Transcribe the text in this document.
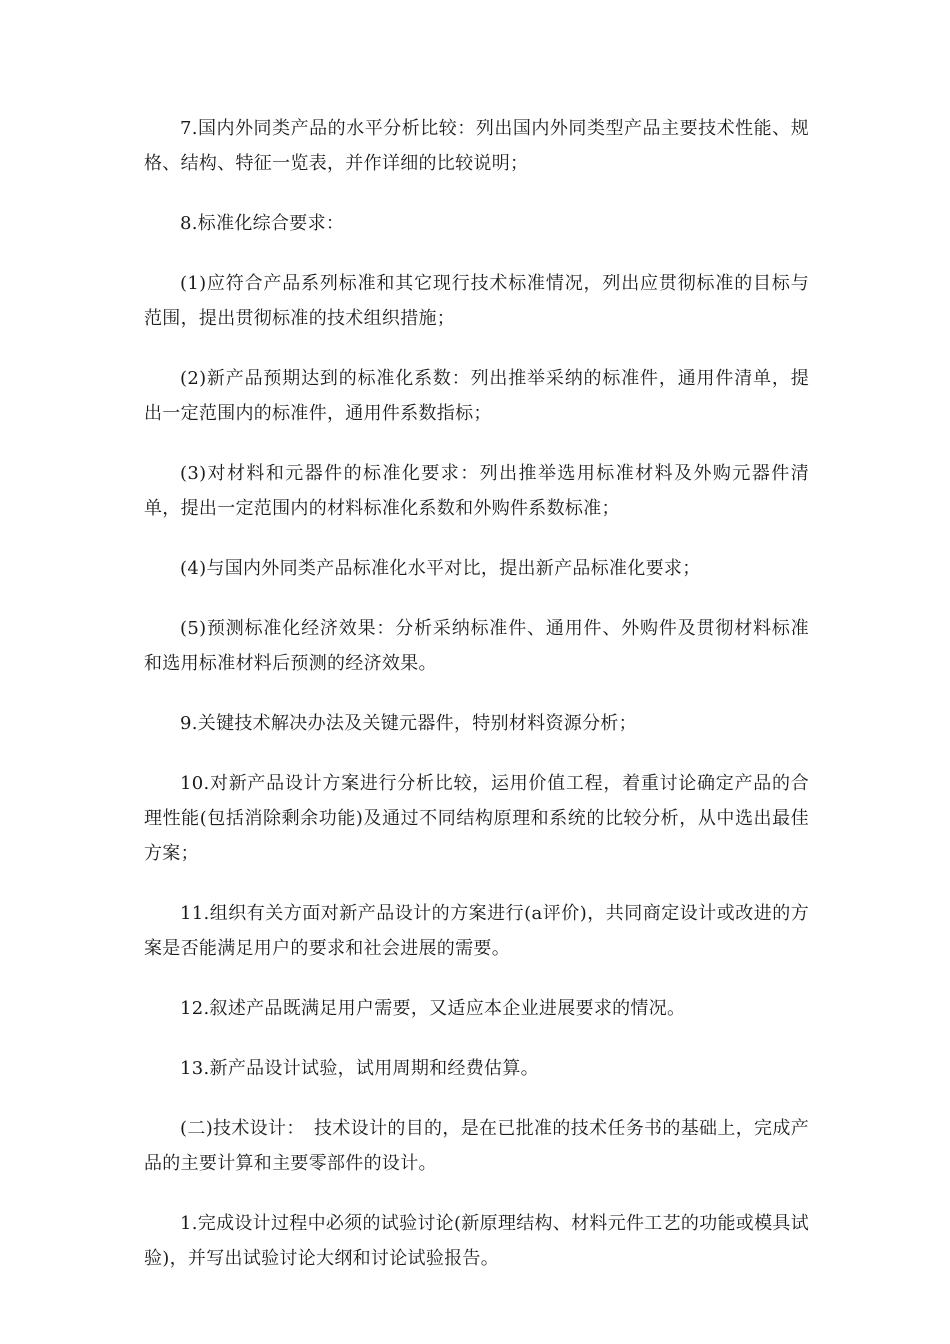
7.国内外同类产品的水平分析比较：列出国内外同类型产品主要技术性能、规格、结构、特征一览表，并作详细的比较说明；

8.标准化综合要求：

(1)应符合产品系列标准和其它现行技术标准情况，列出应贯彻标准的目标与范围，提出贯彻标准的技术组织措施；

(2)新产品预期达到的标准化系数：列出推举采纳的标准件，通用件清单，提出一定范围内的标准件，通用件系数指标；

(3)对材料和元器件的标准化要求：列出推举选用标准材料及外购元器件清单，提出一定范围内的材料标准化系数和外购件系数标准；

(4)与国内外同类产品标准化水平对比，提出新产品标准化要求；

(5)预测标准化经济效果：分析采纳标准件、通用件、外购件及贯彻材料标准和选用标准材料后预测的经济效果。

9.关键技术解决办法及关键元器件，特别材料资源分析；

10.对新产品设计方案进行分析比较，运用价值工程，着重讨论确定产品的合理性能(包括消除剩余功能)及通过不同结构原理和系统的比较分析，从中选出最佳方案；

11.组织有关方面对新产品设计的方案进行(a评价)，共同商定设计或改进的方案是否能满足用户的要求和社会进展的需要。

12.叙述产品既满足用户需要，又适应本企业进展要求的情况。

13.新产品设计试验，试用周期和经费估算。

(二)技术设计：　技术设计的目的，是在已批准的技术任务书的基础上，完成产品的主要计算和主要零部件的设计。

1.完成设计过程中必须的试验讨论(新原理结构、材料元件工艺的功能或模具试验)，并写出试验讨论大纲和讨论试验报告。
